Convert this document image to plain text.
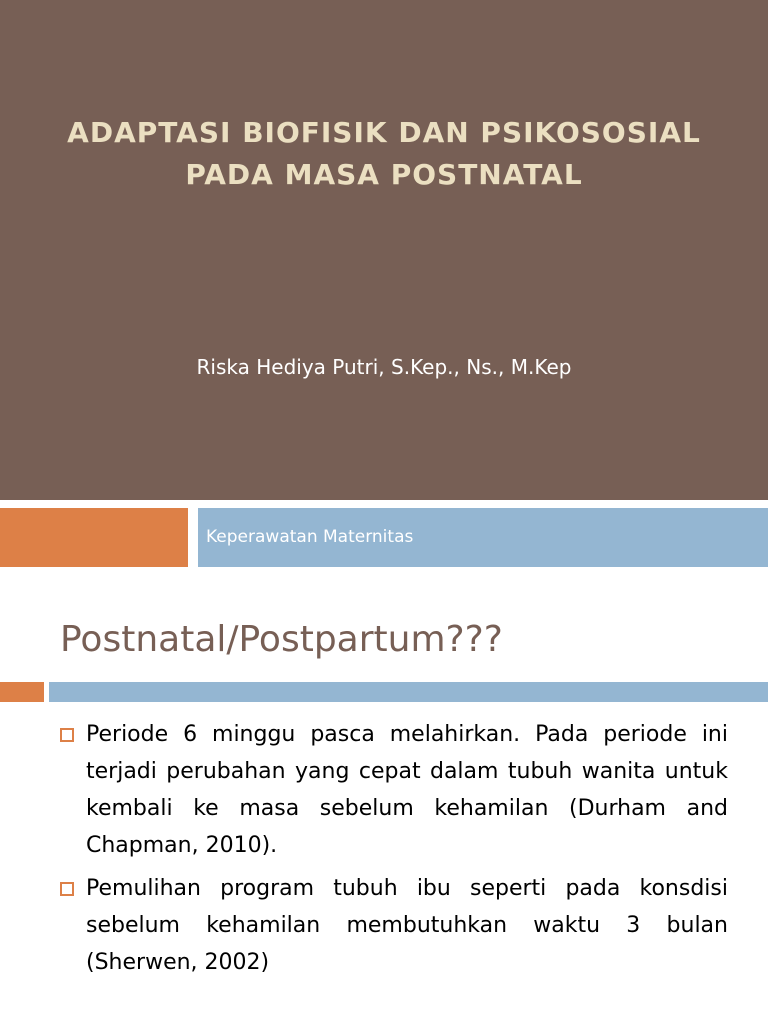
ADAPTASI BIOFISIK DAN PSIKOSOSIAL
PADA MASA POSTNATAL

Riska Hediya Putri, S.Kep., Ns., M.Kep

Keperawatan Maternitas
Postnatal/Postpartum???
Periode 6 minggu pasca melahirkan. Pada periode ini terjadi perubahan yang cepat dalam tubuh wanita untuk kembali ke masa sebelum kehamilan (Durham and Chapman, 2010).
Pemulihan program tubuh ibu seperti pada konsdisi sebelum kehamilan membutuhkan waktu 3 bulan (Sherwen, 2002)
